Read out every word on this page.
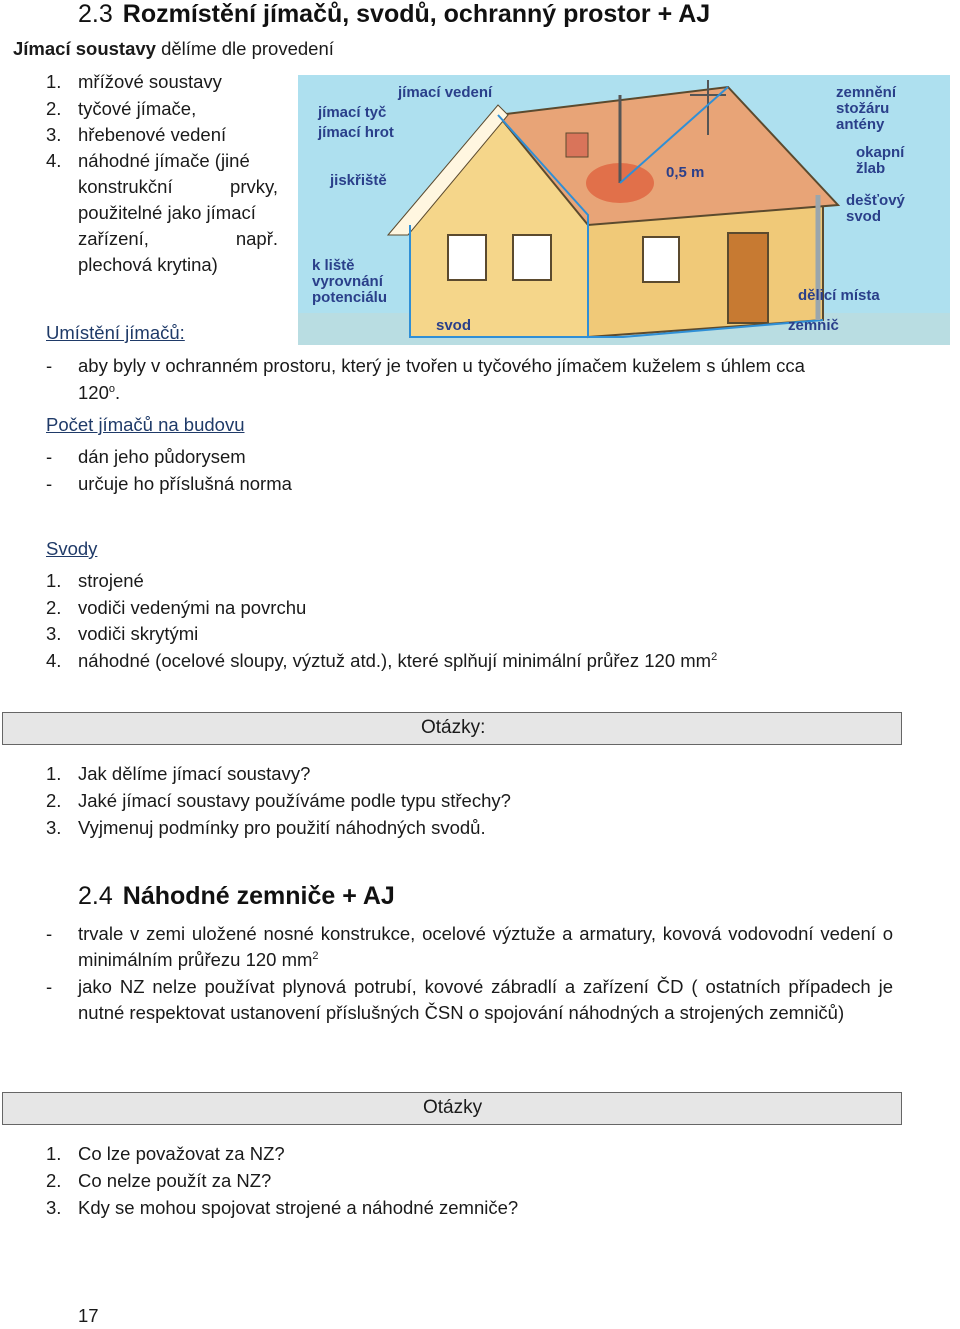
2.3 Rozmístění jímačů, svodů, ochranný prostor + AJ
Jímací soustavy dělíme dle provedení
1. mřížové soustavy
2. tyčové jímače,
3. hřebenové vedení
4. náhodné jímače (jiné
konstrukční	prvky,
použitelné jako jímací
zařízení,	např.
plechová krytina)
jímací vedení
jímací tyč
jímací hrot
jiskřiště
k liště
vyrovnání
potenciálu
svod	zemnič
dělicí místa
dešťový
svod
okapní
žlab
zemnění
stožáru
antény
0,5 m
Umístění jímačů:
- aby byly v ochranném prostoru, který je tvořen u tyčového jímačem kuželem s úhlem cca
120$^o$.
Počet jímačů na budovu
- dán jeho půdorysem
- určuje ho příslušná norma
Svody
1. strojené
2. vodiči vedenými na povrchu
3. vodiči skrytými
4. náhodné (ocelové sloupy, výztuž atd.), které splňují minimální průřez 120 $mm^2$
Otázky:
1. Jak dělíme jímací soustavy?
2. Jaké jímací soustavy používáme podle typu střechy?
3. Vyjmenuj podmínky pro použití náhodných svodů.
2.4 Náhodné zemniče + AJ
- trvale v zemi uložené nosné konstrukce, ocelové výztuže a armatury, kovová vodovodní vedení o minimálním průřezu 120 $mm^2$
- jako NZ nelze používat plynová potrubí, kovové zábradlí a zařízení ČD ( ostatních případech je nutné respektovat ustanovení příslušných ČSN o spojování náhodných a strojených zemničů)
Otázky
1. Co lze považovat za NZ?
2. Co nelze použít za NZ?
3. Kdy se mohou spojovat strojené a náhodné zemniče?
17
